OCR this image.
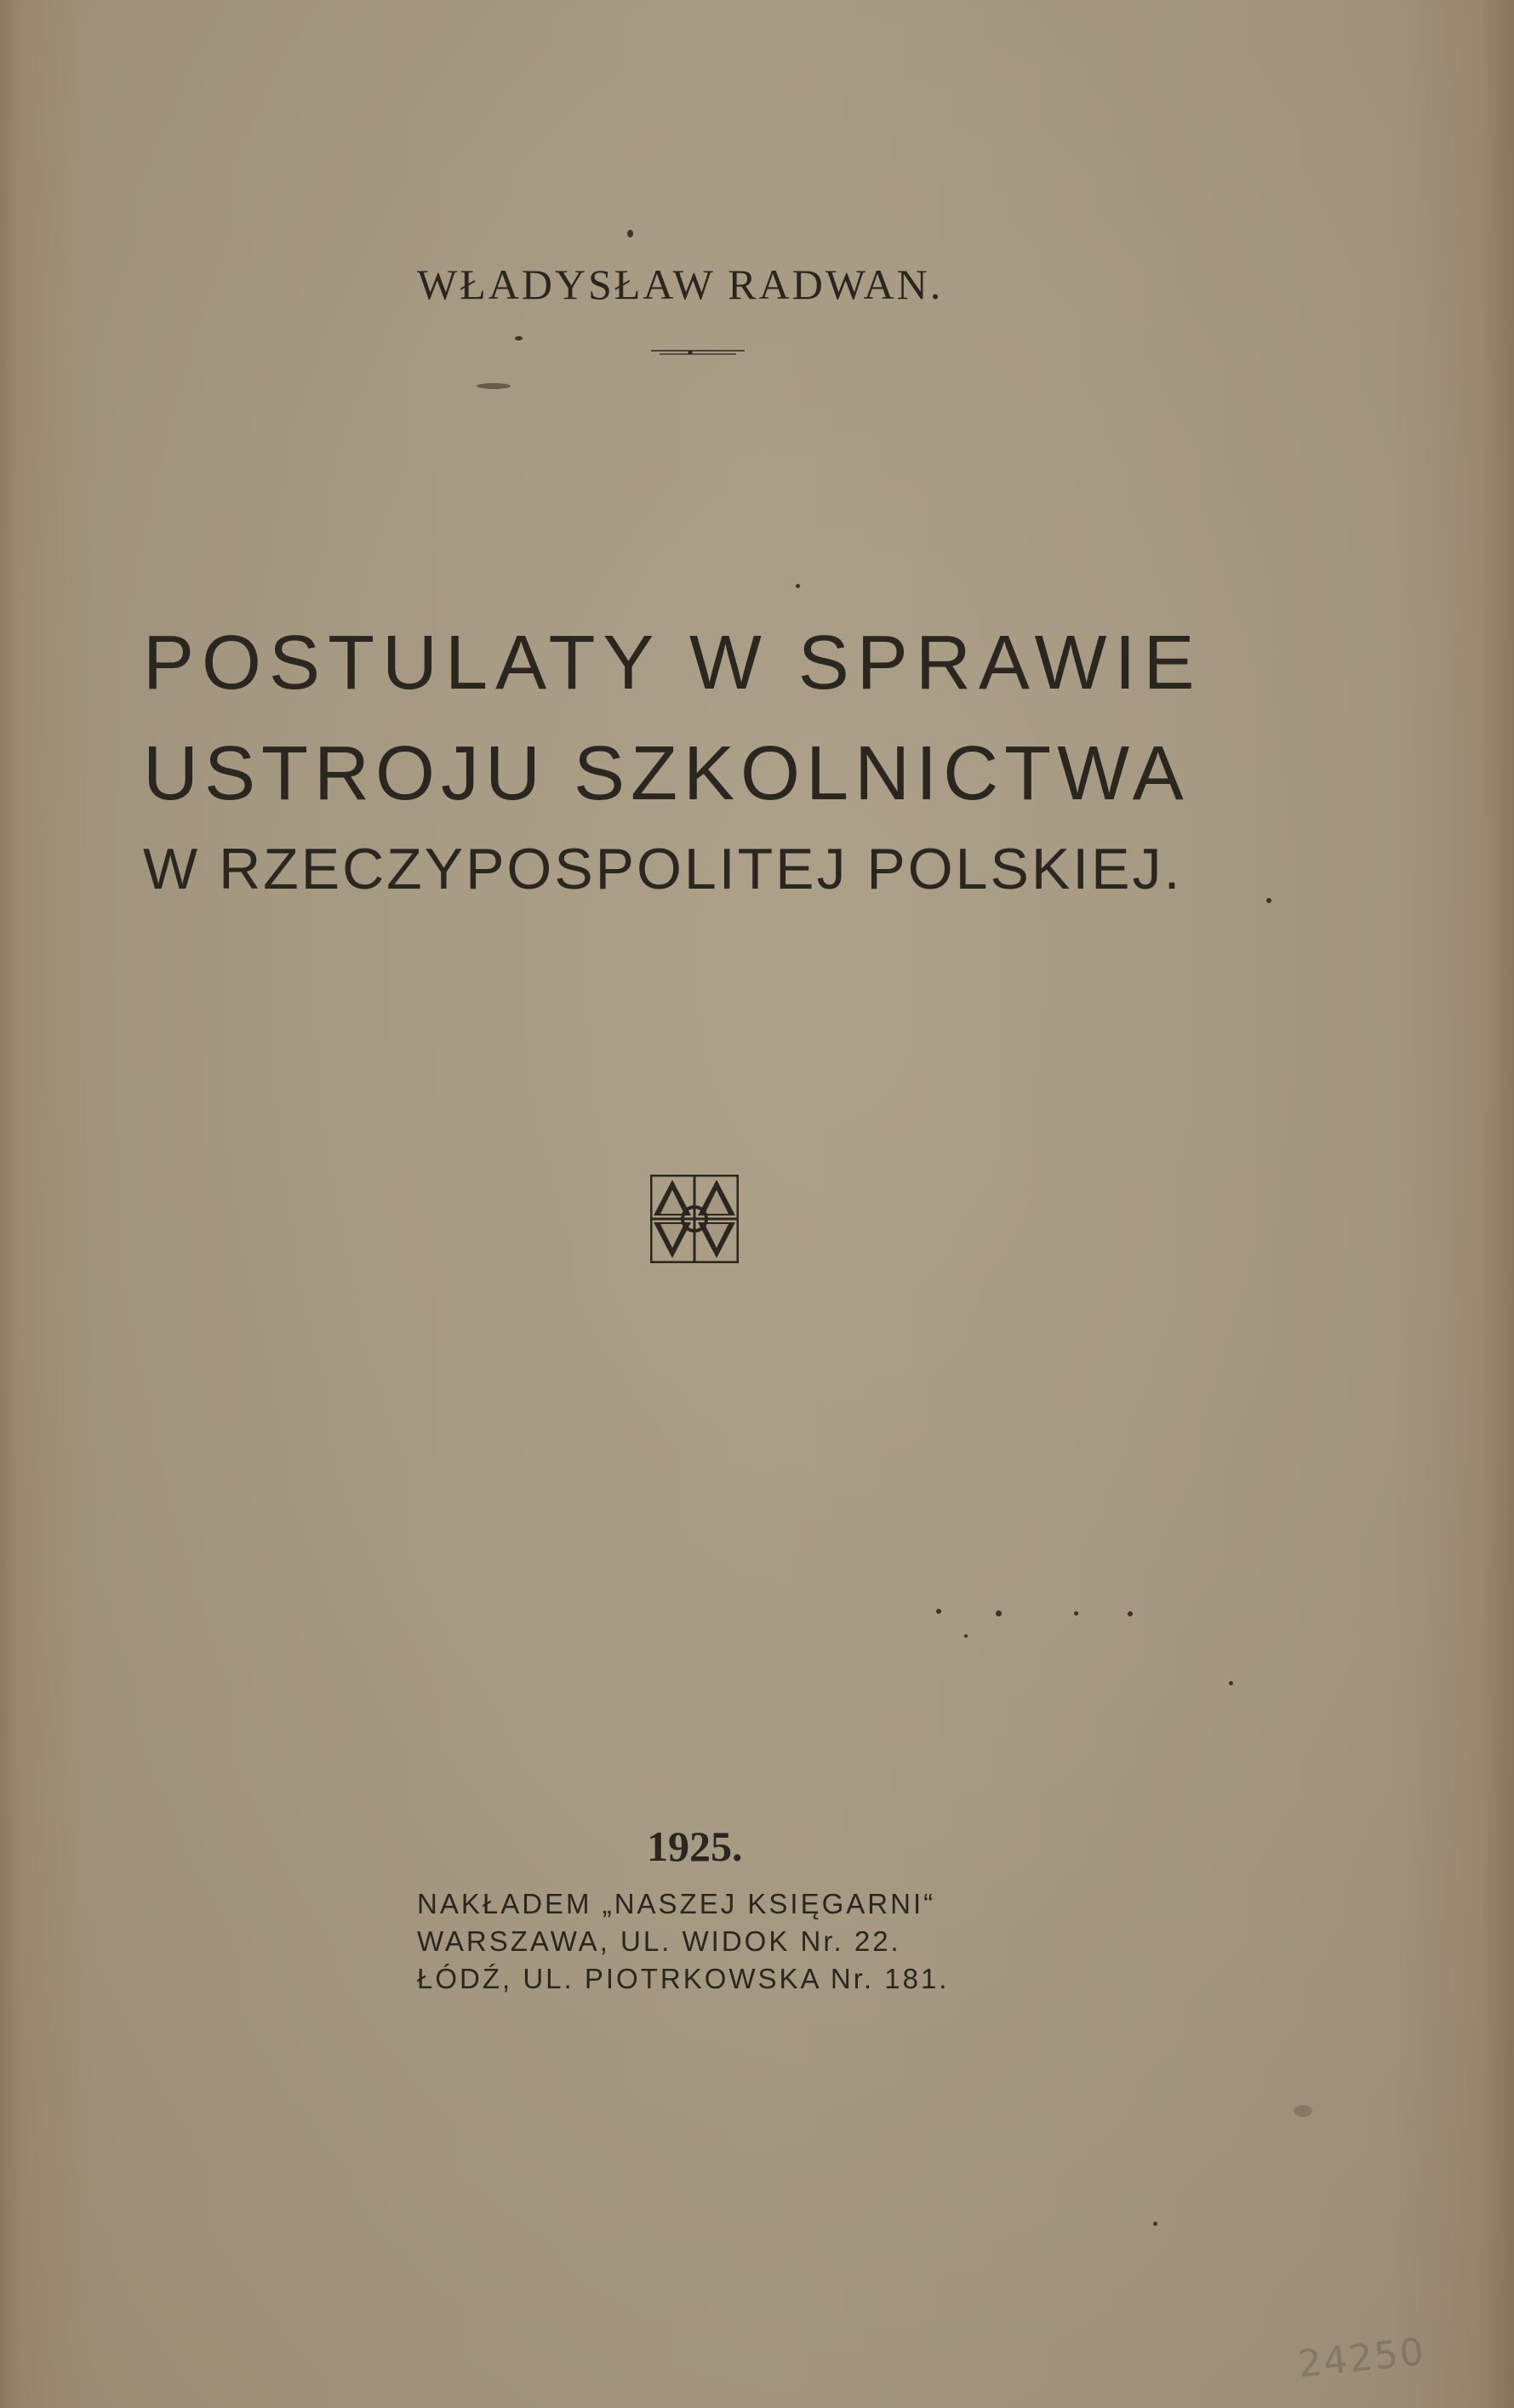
WŁADYSŁAW RADWAN.
POSTULATY W SPRAWIE
USTROJU SZKOLNICTWA
W RZECZYPOSPOLITEJ POLSKIEJ.
1925.
NAKŁADEM „NASZEJ KSIĘGARNI“
WARSZAWA, UL. WIDOK Nr. 22.
ŁÓDŹ, UL. PIOTRKOWSKA Nr. 181.
24250
